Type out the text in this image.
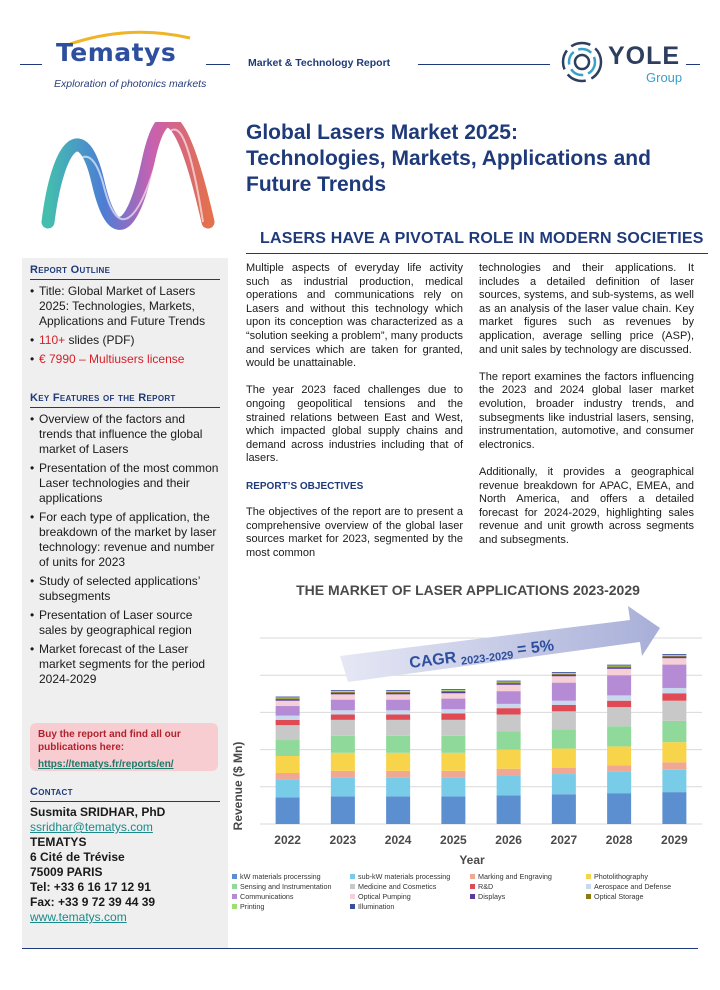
Tematys
Exploration of photonics markets
Market & Technology Report	YOLE
Group
Global Lasers Market 2025:
Technologies, Markets, Applications and
Future Trends
LASERS HAVE A PIVOTAL ROLE IN MODERN SOCIETIES
Report Outline
• Title: Global Market of Lasers 2025: Technologies, Markets, Applications and Future Trends
• 110+ slides (PDF)
• € 7990 – Multiusers license
Key Features of the Report
• Overview of the factors and trends that influence the global market of Lasers
• Presentation of the most common Laser technologies and their applications
• For each type of application, the breakdown of the market by laser technology: revenue and number of units for 2023
• Study of selected applications’ subsegments
• Presentation of Laser source sales by geographical region
• Market forecast of the Laser market segments for the period 2024-2029
Buy the report and find all our publications here:
https://tematys.fr/reports/en/
Contact
Susmita SRIDHAR, PhD
ssridhar@tematys.com
TEMATYS
6 Cité de Trévise
75009 PARIS
Tel: +33 6 16 17 12 91
Fax: +33 9 72 39 44 39
www.tematys.com

Multiple aspects of everyday life activity such as industrial production, medical operations and communications rely on Lasers and without this technology which upon its conception was characterized as a “solution seeking a problem”, many products and services which are taken for granted, would be unattainable.

The year 2023 faced challenges due to ongoing geopolitical tensions and the strained relations between East and West, which impacted global supply chains and demand across industries including that of lasers.

REPORT’S OBJECTIVES

The objectives of the report are to present a comprehensive overview of the global laser sources market for 2023, segmented by the most common

technologies and their applications. It includes a detailed definition of laser sources, systems, and sub-systems, as well as an analysis of the laser value chain. Key market figures such as revenues by application, average selling price (ASP), and unit sales by technology are discussed.

The report examines the factors influencing the 2023 and 2024 global laser market evolution, broader industry trends, and subsegments like industrial lasers, sensing, instrumentation, automotive, and consumer electronics.

Additionally, it provides a geographical revenue breakdown for APAC, EMEA, and North America, and offers a detailed forecast for 2024-2029, highlighting sales revenue and unit growth across segments and subsegments.

THE MARKET OF LASER APPLICATIONS 2023-2029
CAGR 2023-2029 = 5%
2022 2023 2024 2025 2026 2027 2028 2029
Revenue ($ Mn)
Year
kW materials procerssing	sub-kW materials processing	Marking and Engraving	Photolithography
Sensing and Instrumentation	Medicine and Cosmetics	R&D	Aerospace and Defense
Communications	Optical Pumping	Displays	Optical Storage
Printing	Illumination
